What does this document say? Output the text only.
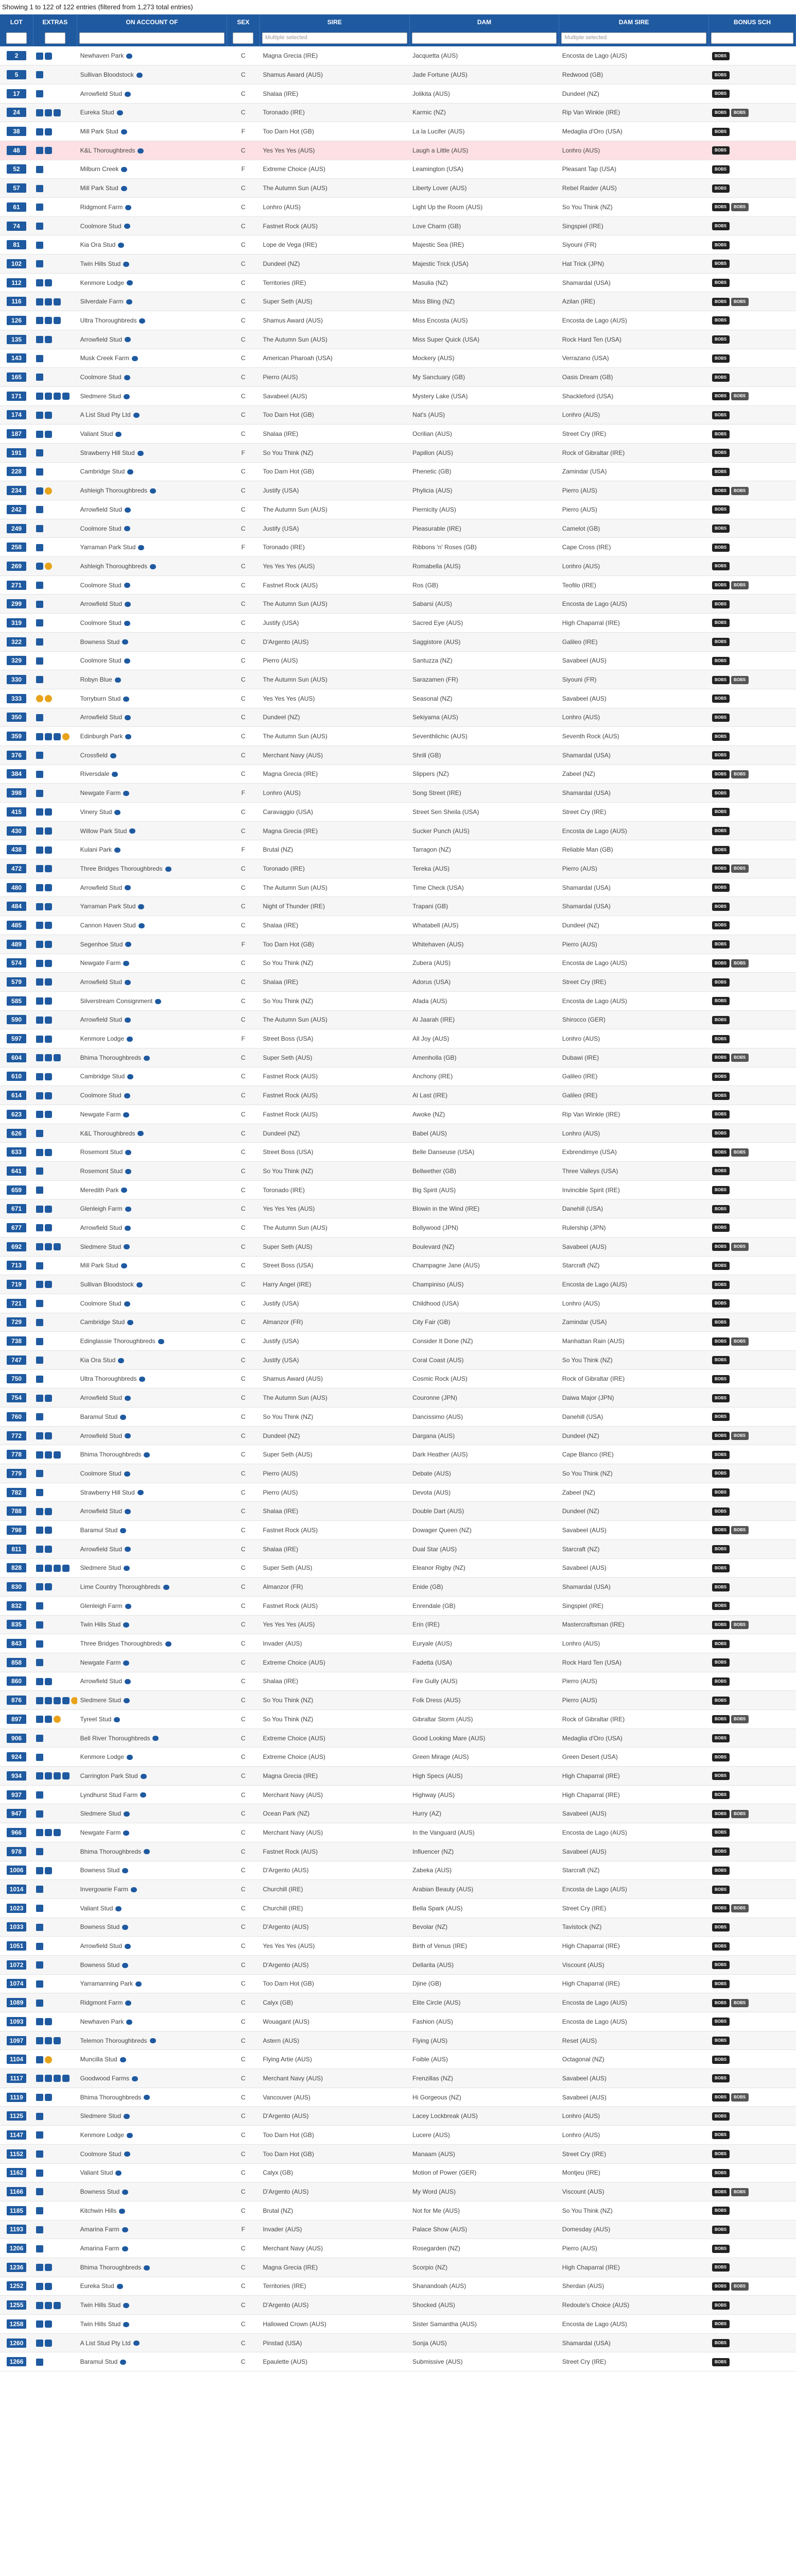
Showing 1 to 122 of 122 entries (filtered from 1,273 total entries)
LOT	EXTRAS	ON ACCOUNT OF	SEX	SIRE	DAM	DAM SIRE	BONUS SCH

				Multiple selected		Multiple selected	

2		Newhaven Park	C	Magna Grecia (IRE)	Jacquetta (AUS)	Encosta de Lago (AUS)	BOBS
5		Sullivan Bloodstock	C	Shamus Award (AUS)	Jade Fortune (AUS)	Redwood (GB)	BOBS
17		Arrowfield Stud	C	Shalaa (IRE)	Jolikita (AUS)	Dundeel (NZ)	BOBS
24		Eureka Stud	C	Toronado (IRE)	Karmic (NZ)	Rip Van Winkle (IRE)	BOBS BOBS
38		Mill Park Stud	F	Too Darn Hot (GB)	La la Lucifer (AUS)	Medaglia d'Oro (USA)	BOBS
48		K&L Thoroughbreds	C	Yes Yes Yes (AUS)	Laugh a Little (AUS)	Lonhro (AUS)	BOBS
52		Milburn Creek	F	Extreme Choice (AUS)	Leamington (USA)	Pleasant Tap (USA)	BOBS
57		Mill Park Stud	C	The Autumn Sun (AUS)	Liberty Lover (AUS)	Rebel Raider (AUS)	BOBS
61		Ridgmont Farm	C	Lonhro (AUS)	Light Up the Room (AUS)	So You Think (NZ)	BOBS BOBS
74		Coolmore Stud	C	Fastnet Rock (AUS)	Love Charm (GB)	Singspiel (IRE)	BOBS
81		Kia Ora Stud	C	Lope de Vega (IRE)	Majestic Sea (IRE)	Siyouni (FR)	BOBS
102		Twin Hills Stud	C	Dundeel (NZ)	Majestic Trick (USA)	Hat Trick (JPN)	BOBS
112		Kenmore Lodge	C	Territories (IRE)	Masulia (NZ)	Shamardal (USA)	BOBS
116		Silverdale Farm	C	Super Seth (AUS)	Miss Bling (NZ)	Azilan (IRE)	BOBS BOBS
126		Ultra Thoroughbreds	C	Shamus Award (AUS)	Miss Encosta (AUS)	Encosta de Lago (AUS)	BOBS
135		Arrowfield Stud	C	The Autumn Sun (AUS)	Miss Super Quick (USA)	Rock Hard Ten (USA)	BOBS
143		Musk Creek Farm	C	American Pharoah (USA)	Mockery (AUS)	Verrazano (USA)	BOBS
165		Coolmore Stud	C	Pierro (AUS)	My Sanctuary (GB)	Oasis Dream (GB)	BOBS
171		Sledmere Stud	C	Savabeel (AUS)	Mystery Lake (USA)	Shackleford (USA)	BOBS BOBS
174		A List Stud Pty Ltd	C	Too Darn Hot (GB)	Nat's (AUS)	Lonhro (AUS)	BOBS
187		Valiant Stud	C	Shalaa (IRE)	Ocrilian (AUS)	Street Cry (IRE)	BOBS
191		Strawberry Hill Stud	F	So You Think (NZ)	Papillon (AUS)	Rock of Gibraltar (IRE)	BOBS
228		Cambridge Stud	C	Too Darn Hot (GB)	Phenetic (GB)	Zamindar (USA)	BOBS
234		Ashleigh Thoroughbreds	C	Justify (USA)	Phylicia (AUS)	Pierro (AUS)	BOBS BOBS
242		Arrowfield Stud	C	The Autumn Sun (AUS)	Piernicity (AUS)	Pierro (AUS)	BOBS
249		Coolmore Stud	C	Justify (USA)	Pleasurable (IRE)	Camelot (GB)	BOBS
258		Yarraman Park Stud	F	Toronado (IRE)	Ribbons 'n' Roses (GB)	Cape Cross (IRE)	BOBS
269		Ashleigh Thoroughbreds	C	Yes Yes Yes (AUS)	Romabella (AUS)	Lonhro (AUS)	BOBS
271		Coolmore Stud	C	Fastnet Rock (AUS)	Ros (GB)	Teofilo (IRE)	BOBS BOBS
299		Arrowfield Stud	C	The Autumn Sun (AUS)	Sabarsi (AUS)	Encosta de Lago (AUS)	BOBS
319		Coolmore Stud	C	Justify (USA)	Sacred Eye (AUS)	High Chaparral (IRE)	BOBS
322		Bowness Stud	C	D'Argento (AUS)	Saggistore (AUS)	Galileo (IRE)	BOBS
329		Coolmore Stud	C	Pierro (AUS)	Santuzza (NZ)	Savabeel (AUS)	BOBS
330		Robyn Blue	C	The Autumn Sun (AUS)	Sarazamen (FR)	Siyouni (FR)	BOBS BOBS
333		Torryburn Stud	C	Yes Yes Yes (AUS)	Seasonal (NZ)	Savabeel (AUS)	BOBS
350		Arrowfield Stud	C	Dundeel (NZ)	Sekiyama (AUS)	Lonhro (AUS)	BOBS
359		Edinburgh Park	C	The Autumn Sun (AUS)	Seventhlichic (AUS)	Seventh Rock (AUS)	BOBS
376		Crossfield	C	Merchant Navy (AUS)	Shrill (GB)	Shamardal (USA)	BOBS
384		Riversdale	C	Magna Grecia (IRE)	Slippers (NZ)	Zabeel (NZ)	BOBS BOBS
398		Newgate Farm	F	Lonhro (AUS)	Song Street (IRE)	Shamardal (USA)	BOBS
415		Vinery Stud	C	Caravaggio (USA)	Street Sen Sheila (USA)	Street Cry (IRE)	BOBS
430		Willow Park Stud	C	Magna Grecia (IRE)	Sucker Punch (AUS)	Encosta de Lago (AUS)	BOBS
438		Kulani Park	F	Brutal (NZ)	Tarragon (NZ)	Reliable Man (GB)	BOBS
472		Three Bridges Thoroughbreds	C	Toronado (IRE)	Tereka (AUS)	Pierro (AUS)	BOBS BOBS
480		Arrowfield Stud	C	The Autumn Sun (AUS)	Time Check (USA)	Shamardal (USA)	BOBS
484		Yarraman Park Stud	C	Night of Thunder (IRE)	Trapani (GB)	Shamardal (USA)	BOBS
485		Cannon Haven Stud	C	Shalaa (IRE)	Whatabell (AUS)	Dundeel (NZ)	BOBS
489		Segenhoe Stud	F	Too Darn Hot (GB)	Whitehaven (AUS)	Pierro (AUS)	BOBS
574		Newgate Farm	C	So You Think (NZ)	Zubera (AUS)	Encosta de Lago (AUS)	BOBS BOBS
579		Arrowfield Stud	C	Shalaa (IRE)	Adorus (USA)	Street Cry (IRE)	BOBS
585		Silverstream Consignment	C	So You Think (NZ)	Afada (AUS)	Encosta de Lago (AUS)	BOBS
590		Arrowfield Stud	C	The Autumn Sun (AUS)	Al Jaarah (IRE)	Shirocco (GER)	BOBS
597		Kenmore Lodge	F	Street Boss (USA)	All Joy (AUS)	Lonhro (AUS)	BOBS
604		Bhima Thoroughbreds	C	Super Seth (AUS)	Amenholla (GB)	Dubawi (IRE)	BOBS BOBS
610		Cambridge Stud	C	Fastnet Rock (AUS)	Anchony (IRE)	Galileo (IRE)	BOBS
614		Coolmore Stud	C	Fastnet Rock (AUS)	Al Last (IRE)	Galileo (IRE)	BOBS
623		Newgate Farm	C	Fastnet Rock (AUS)	Awoke (NZ)	Rip Van Winkle (IRE)	BOBS
626		K&L Thoroughbreds	C	Dundeel (NZ)	Babel (AUS)	Lonhro (AUS)	BOBS
633		Rosemont Stud	C	Street Boss (USA)	Belle Danseuse (USA)	Exbrendimye (USA)	BOBS BOBS
641		Rosemont Stud	C	So You Think (NZ)	Bellwether (GB)	Three Valleys (USA)	BOBS
659		Meredith Park	C	Toronado (IRE)	Big Spirit (AUS)	Invincible Spirit (IRE)	BOBS
671		Glenleigh Farm	C	Yes Yes Yes (AUS)	Blowin in the Wind (IRE)	Danehill (USA)	BOBS
677		Arrowfield Stud	C	The Autumn Sun (AUS)	Bollywood (JPN)	Rulership (JPN)	BOBS
692		Sledmere Stud	C	Super Seth (AUS)	Boulevard (NZ)	Savabeel (AUS)	BOBS BOBS
713		Mill Park Stud	C	Street Boss (USA)	Champagne Jane (AUS)	Starcraft (NZ)	BOBS
719		Sullivan Bloodstock	C	Harry Angel (IRE)	Champiniso (AUS)	Encosta de Lago (AUS)	BOBS
721		Coolmore Stud	C	Justify (USA)	Childhood (USA)	Lonhro (AUS)	BOBS
729		Cambridge Stud	C	Almanzor (FR)	City Fair (GB)	Zamindar (USA)	BOBS
738		Edinglassie Thoroughbreds	C	Justify (USA)	Consider It Done (NZ)	Manhattan Rain (AUS)	BOBS BOBS
747		Kia Ora Stud	C	Justify (USA)	Coral Coast (AUS)	So You Think (NZ)	BOBS
750		Ultra Thoroughbreds	C	Shamus Award (AUS)	Cosmic Rock (AUS)	Rock of Gibraltar (IRE)	BOBS
754		Arrowfield Stud	C	The Autumn Sun (AUS)	Couronne (JPN)	Daiwa Major (JPN)	BOBS
760		Baramul Stud	C	So You Think (NZ)	Dancissimo (AUS)	Danehill (USA)	BOBS
772		Arrowfield Stud	C	Dundeel (NZ)	Dargana (AUS)	Dundeel (NZ)	BOBS BOBS
778		Bhima Thoroughbreds	C	Super Seth (AUS)	Dark Heather (AUS)	Cape Blanco (IRE)	BOBS
779		Coolmore Stud	C	Pierro (AUS)	Debate (AUS)	So You Think (NZ)	BOBS
782		Strawberry Hill Stud	C	Pierro (AUS)	Devota (AUS)	Zabeel (NZ)	BOBS
788		Arrowfield Stud	C	Shalaa (IRE)	Double Dart (AUS)	Dundeel (NZ)	BOBS
798		Baramul Stud	C	Fastnet Rock (AUS)	Dowager Queen (NZ)	Savabeel (AUS)	BOBS BOBS
811		Arrowfield Stud	C	Shalaa (IRE)	Dual Star (AUS)	Starcraft (NZ)	BOBS
828		Sledmere Stud	C	Super Seth (AUS)	Eleanor Rigby (NZ)	Savabeel (AUS)	BOBS
830		Lime Country Thoroughbreds	C	Almanzor (FR)	Enide (GB)	Shamardal (USA)	BOBS
832		Glenleigh Farm	C	Fastnet Rock (AUS)	Enrendale (GB)	Singspiel (IRE)	BOBS
835		Twin Hills Stud	C	Yes Yes Yes (AUS)	Erin (IRE)	Mastercraftsman (IRE)	BOBS BOBS
843		Three Bridges Thoroughbreds	C	Invader (AUS)	Euryale (AUS)	Lonhro (AUS)	BOBS
858		Newgate Farm	C	Extreme Choice (AUS)	Fadetta (USA)	Rock Hard Ten (USA)	BOBS
860		Arrowfield Stud	C	Shalaa (IRE)	Fire Gully (AUS)	Pierro (AUS)	BOBS
876		Sledmere Stud	C	So You Think (NZ)	Folk Dress (AUS)	Pierro (AUS)	BOBS
897		Tyreel Stud	C	So You Think (NZ)	Gibraltar Storm (AUS)	Rock of Gibraltar (IRE)	BOBS BOBS
906		Bell River Thoroughbreds	C	Extreme Choice (AUS)	Good Looking Mare (AUS)	Medaglia d'Oro (USA)	BOBS
924		Kenmore Lodge	C	Extreme Choice (AUS)	Green Mirage (AUS)	Green Desert (USA)	BOBS
934		Carrington Park Stud	C	Magna Grecia (IRE)	High Specs (AUS)	High Chaparral (IRE)	BOBS
937		Lyndhurst Stud Farm	C	Merchant Navy (AUS)	Highway (AUS)	High Chaparral (IRE)	BOBS
947		Sledmere Stud	C	Ocean Park (NZ)	Hurry (AZ)	Savabeel (AUS)	BOBS BOBS
966		Newgate Farm	C	Merchant Navy (AUS)	In the Vanguard (AUS)	Encosta de Lago (AUS)	BOBS
978		Bhima Thoroughbreds	C	Fastnet Rock (AUS)	Influencer (NZ)	Savabeel (AUS)	BOBS
1006		Bowness Stud	C	D'Argento (AUS)	Zabeka (AUS)	Starcraft (NZ)	BOBS
1014		Invergowrie Farm	C	Churchill (IRE)	Arabian Beauty (AUS)	Encosta de Lago (AUS)	BOBS
1023		Valiant Stud	C	Churchill (IRE)	Bella Spark (AUS)	Street Cry (IRE)	BOBS BOBS
1033		Bowness Stud	C	D'Argento (AUS)	Bevolar (NZ)	Tavistock (NZ)	BOBS
1051		Arrowfield Stud	C	Yes Yes Yes (AUS)	Birth of Venus (IRE)	High Chaparral (IRE)	BOBS
1072		Bowness Stud	C	D'Argento (AUS)	Dellarita (AUS)	Viscount (AUS)	BOBS
1074		Yarramanning Park	C	Too Darn Hot (GB)	Djine (GB)	High Chaparral (IRE)	BOBS
1089		Ridgmont Farm	C	Calyx (GB)	Elite Circle (AUS)	Encosta de Lago (AUS)	BOBS BOBS
1093		Newhaven Park	C	Wouagant (AUS)	Fashion (AUS)	Encosta de Lago (AUS)	BOBS
1097		Telemon Thoroughbreds	C	Astern (AUS)	Flying (AUS)	Reset (AUS)	BOBS
1104		Muncilla Stud	C	Flying Artie (AUS)	Foible (AUS)	Octagonal (NZ)	BOBS
1117		Goodwood Farms	C	Merchant Navy (AUS)	Frenzillas (NZ)	Savabeel (AUS)	BOBS
1119		Bhima Thoroughbreds	C	Vancouver (AUS)	Hi Gorgeous (NZ)	Savabeel (AUS)	BOBS BOBS
1125		Sledmere Stud	C	D'Argento (AUS)	Lacey Lockbreak (AUS)	Lonhro (AUS)	BOBS
1147		Kenmore Lodge	C	Too Darn Hot (GB)	Lucere (AUS)	Lonhro (AUS)	BOBS
1152		Coolmore Stud	C	Too Darn Hot (GB)	Manaam (AUS)	Street Cry (IRE)	BOBS
1162		Valiant Stud	C	Calyx (GB)	Motion of Power (GER)	Montjeu (IRE)	BOBS
1166		Bowness Stud	C	D'Argento (AUS)	My Word (AUS)	Viscount (AUS)	BOBS BOBS
1185		Kitchwin Hills	C	Brutal (NZ)	Not for Me (AUS)	So You Think (NZ)	BOBS
1193		Amarina Farm	F	Invader (AUS)	Palace Show (AUS)	Domesday (AUS)	BOBS
1206		Amarina Farm	C	Merchant Navy (AUS)	Rosegarden (NZ)	Pierro (AUS)	BOBS
1236		Bhima Thoroughbreds	C	Magna Grecia (IRE)	Scorpio (NZ)	High Chaparral (IRE)	BOBS
1252		Eureka Stud	C	Territories (IRE)	Shanandoah (AUS)	Sherdan (AUS)	BOBS BOBS
1255		Twin Hills Stud	C	D'Argento (AUS)	Shocked (AUS)	Redoute's Choice (AUS)	BOBS
1258		Twin Hills Stud	C	Hallowed Crown (AUS)	Sister Samantha (AUS)	Encosta de Lago (AUS)	BOBS
1260		A List Stud Pty Ltd	C	Pinstad (USA)	Sonja (AUS)	Shamardal (USA)	BOBS
1266		Baramul Stud	C	Epaulette (AUS)	Submissive (AUS)	Street Cry (IRE)	BOBS
